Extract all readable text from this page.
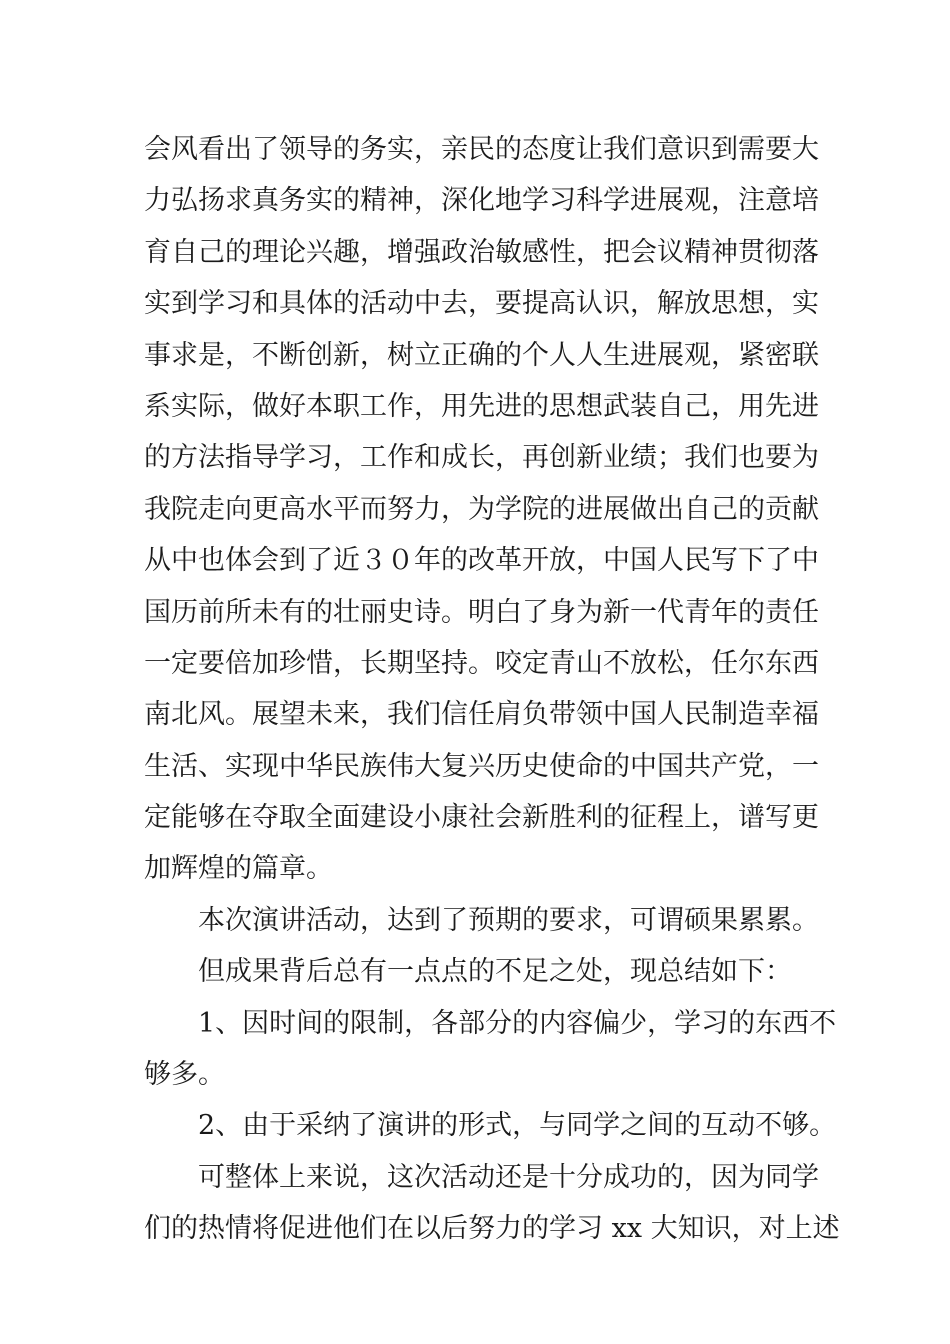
会风看出了领导的务实，亲民的态度让我们意识到需要大
力弘扬求真务实的精神，深化地学习科学进展观，注意培
育自己的理论兴趣，增强政治敏感性，把会议精神贯彻落
实到学习和具体的活动中去，要提高认识，解放思想，实
事求是，不断创新，树立正确的个人人生进展观，紧密联
系实际，做好本职工作，用先进的思想武装自己，用先进
的方法指导学习，工作和成长，再创新业绩；我们也要为
我院走向更高水平而努力，为学院的进展做出自己的贡献
从中也体会到了近３０年的改革开放，中国人民写下了中
国历前所未有的壮丽史诗。明白了身为新一代青年的责任
一定要倍加珍惜，长期坚持。咬定青山不放松，任尔东西
南北风。展望未来，我们信任肩负带领中国人民制造幸福
生活、实现中华民族伟大复兴历史使命的中国共产党，一
定能够在夺取全面建设小康社会新胜利的征程上，谱写更
加辉煌的篇章。
本次演讲活动，达到了预期的要求，可谓硕果累累。
但成果背后总有一点点的不足之处，现总结如下：
1、因时间的限制，各部分的内容偏少，学习的东西不
够多。
2、由于采纳了演讲的形式，与同学之间的互动不够。
可整体上来说，这次活动还是十分成功的，因为同学
们的热情将促进他们在以后努力的学习 xx 大知识，对上述
